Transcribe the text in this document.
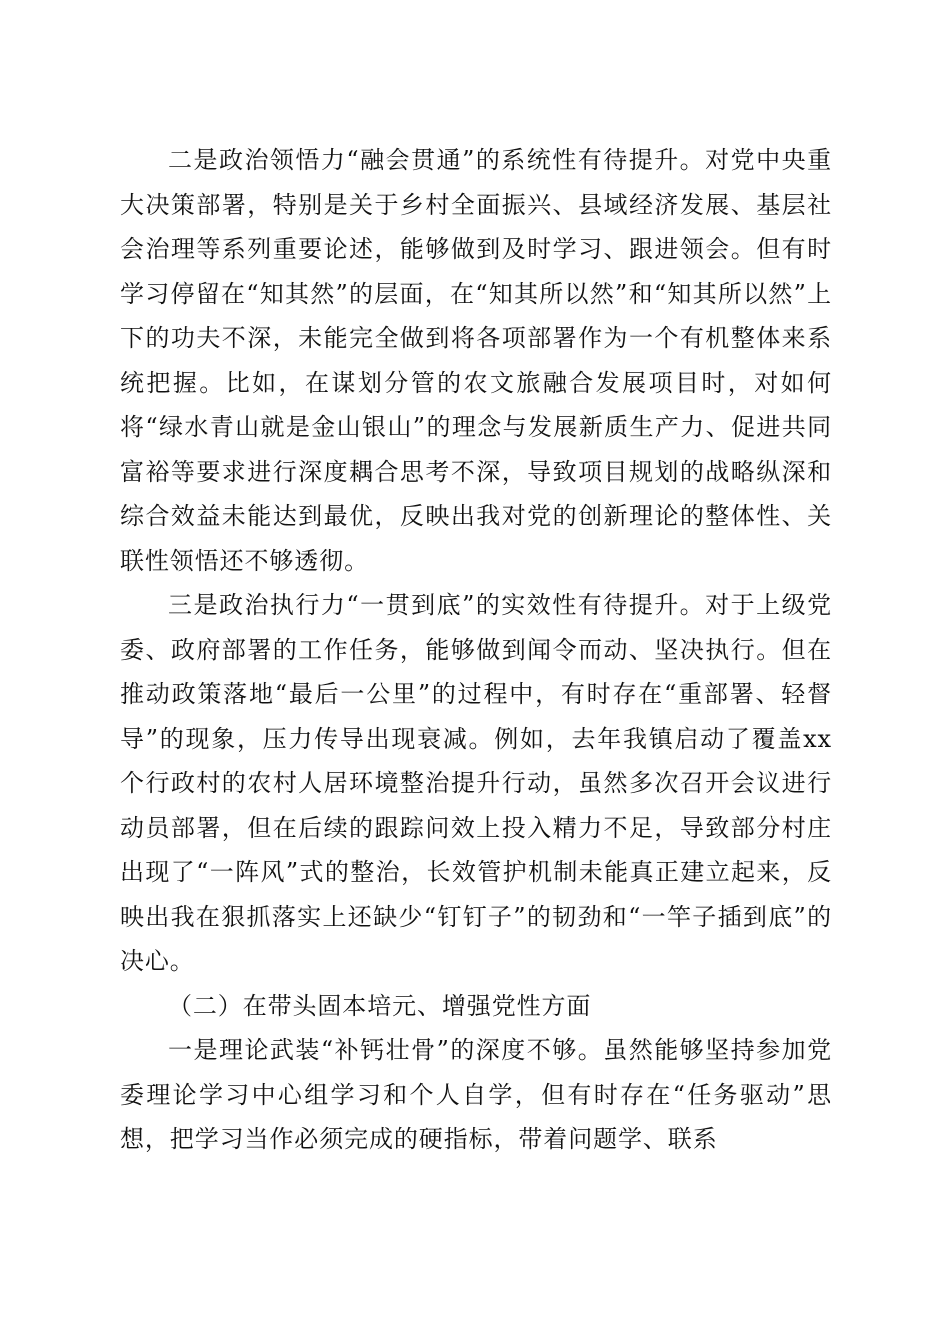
二是政治领悟力“融会贯通”的系统性有待提升。对党中央重大决策部署，特别是关于乡村全面振兴、县域经济发展、基层社会治理等系列重要论述，能够做到及时学习、跟进领会。但有时学习停留在“知其然”的层面，在“知其所以然”和“知其所以然”上下的功夫不深，未能完全做到将各项部署作为一个有机整体来系统把握。比如，在谋划分管的农文旅融合发展项目时，对如何将“绿水青山就是金山银山”的理念与发展新质生产力、促进共同富裕等要求进行深度耦合思考不深，导致项目规划的战略纵深和综合效益未能达到最优，反映出我对党的创新理论的整体性、关联性领悟还不够透彻。

三是政治执行力“一贯到底”的实效性有待提升。对于上级党委、政府部署的工作任务，能够做到闻令而动、坚决执行。但在推动政策落地“最后一公里”的过程中，有时存在“重部署、轻督导”的现象，压力传导出现衰减。例如，去年我镇启动了覆盖xx个行政村的农村人居环境整治提升行动，虽然多次召开会议进行动员部署，但在后续的跟踪问效上投入精力不足，导致部分村庄出现了“一阵风”式的整治，长效管护机制未能真正建立起来，反映出我在狠抓落实上还缺少“钉钉子”的韧劲和“一竿子插到底”的决心。

（二）在带头固本培元、增强党性方面

一是理论武装“补钙壮骨”的深度不够。虽然能够坚持参加党委理论学习中心组学习和个人自学，但有时存在“任务驱动”思想，把学习当作必须完成的硬指标，带着问题学、联系
